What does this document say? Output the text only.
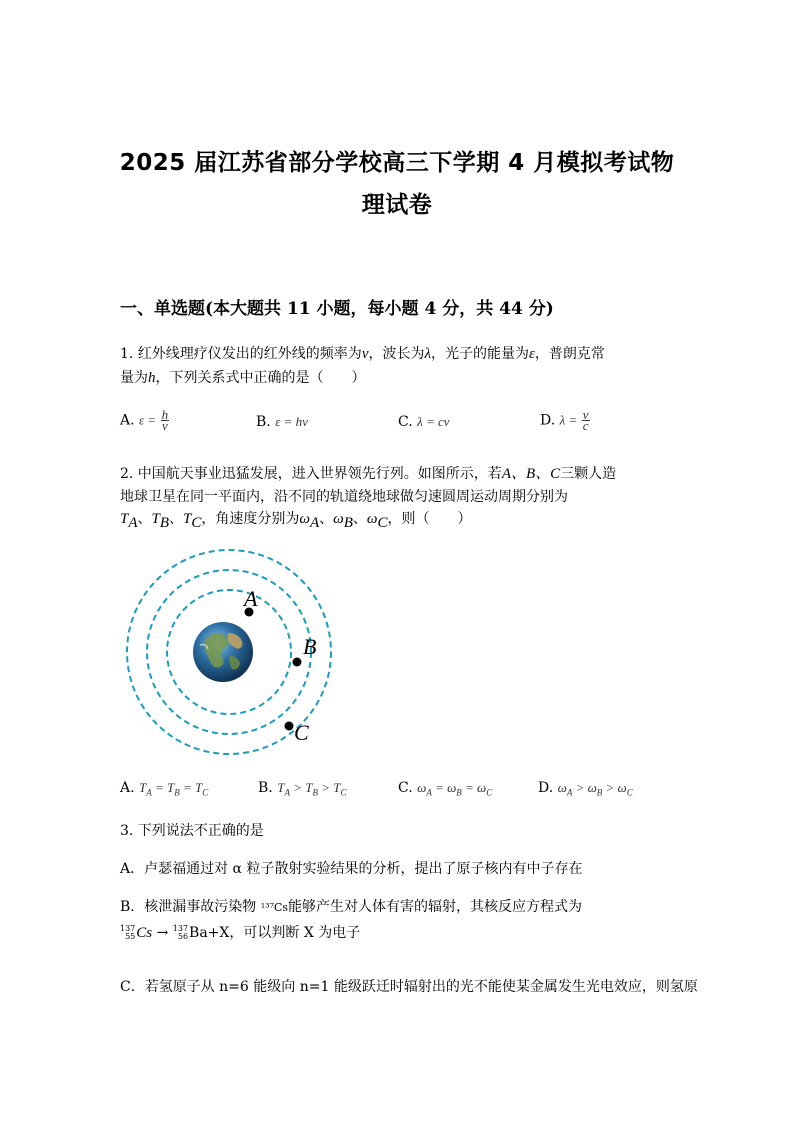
2025 届江苏省部分学校高三下学期 4 月模拟考试物
理试卷
一、单选题(本大题共 11 小题，每小题 4 分，共 44 分)
1. 红外线理疗仪发出的红外线的频率为ν，波长为λ，光子的能量为ε，普朗克常
量为h，下列关系式中正确的是（　　）
A. $\varepsilon = \frac{h}{\nu}$	B. ε = hν	C. λ = cν	D. $\lambda = \frac{\nu}{c}$
2. 中国航天事业迅猛发展，进入世界领先行列。如图所示，若A、B、C三颗人造
地球卫星在同一平面内，沿不同的轨道绕地球做匀速圆周运动周期分别为
$T_A$、$T_B$、$T_C$，角速度分别为$\omega_A$、$\omega_B$、$\omega_C$，则（　　）
A
B
C
A. $T_A = T_B = T_C$	B. $T_A > T_B > T_C$	C. $\omega_A = \omega_B = \omega_C$	D. $\omega_A > \omega_B > \omega_C$
3. 下列说法不正确的是
A．卢瑟福通过对 α 粒子散射实验结果的分析，提出了原子核内有中子存在
B．核泄漏事故污染物 ¹³⁷Cs能够产生对人体有害的辐射，其核反应方程式为
137
55 Cs → 137
56 Ba+X，可以判断 X 为电子
C．若氢原子从 n=6 能级向 n=1 能级跃迁时辐射出的光不能使某金属发生光电效应，则氢原
